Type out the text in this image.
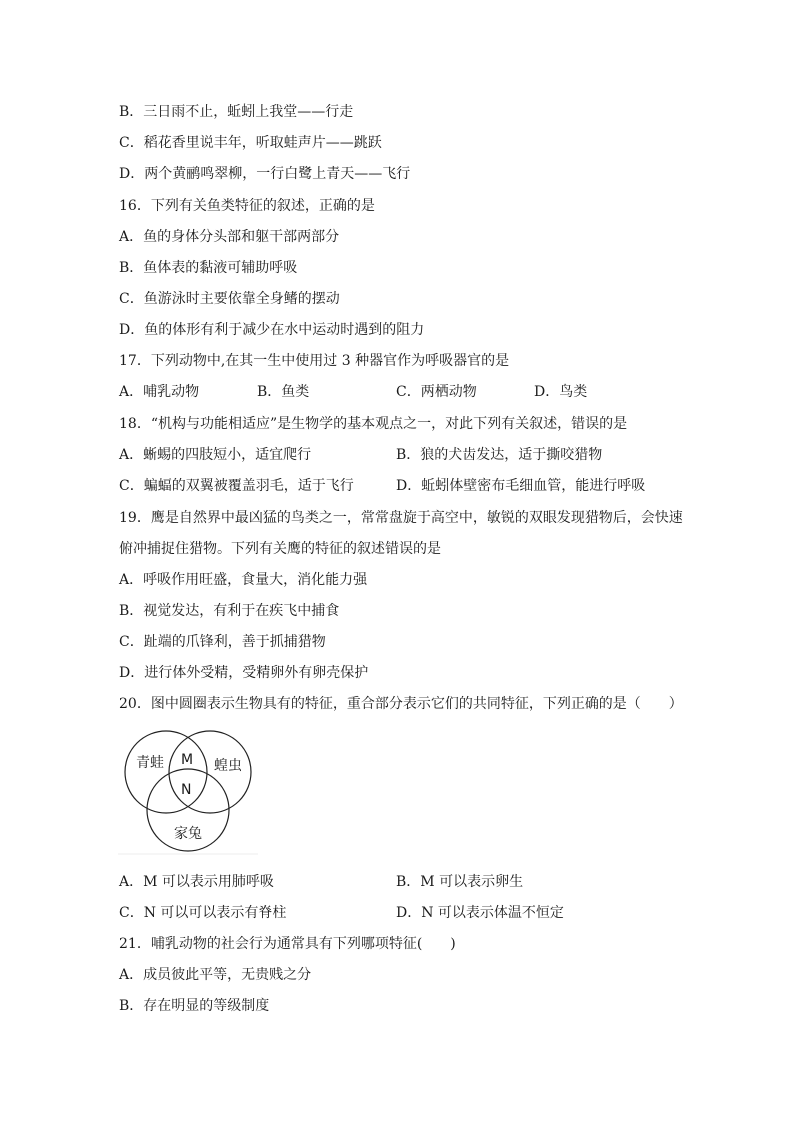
B．三日雨不止，蚯蚓上我堂——行走
C．稻花香里说丰年，听取蛙声片——跳跃
D．两个黄鹂鸣翠柳，一行白鹭上青天——飞行
16．下列有关鱼类特征的叙述，正确的是
A．鱼的身体分头部和躯干部两部分
B．鱼体表的黏液可辅助呼吸
C．鱼游泳时主要依靠全身鳍的摆动
D．鱼的体形有利于减少在水中运动时遇到的阻力
17．下列动物中,在其一生中使用过 3 种器官作为呼吸器官的是
A．哺乳动物	B．鱼类	C．两栖动物	D．鸟类
18．“机构与功能相适应”是生物学的基本观点之一，对此下列有关叙述，错误的是
A．蜥蜴的四肢短小，适宜爬行	B．狼的犬齿发达，适于撕咬猎物
C．蝙蝠的双翼被覆盖羽毛，适于飞行	D．蚯蚓体壁密布毛细血管，能进行呼吸
19．鹰是自然界中最凶猛的鸟类之一，常常盘旋于高空中，敏锐的双眼发现猎物后，会快速
俯冲捕捉住猎物。下列有关鹰的特征的叙述错误的是
A．呼吸作用旺盛，食量大，消化能力强
B．视觉发达，有利于在疾飞中捕食
C．趾端的爪锋利，善于抓捕猎物
D．进行体外受精，受精卵外有卵壳保护
20．图中圆圈表示生物具有的特征，重合部分表示它们的共同特征，下列正确的是（　　）
青蛙	蝗虫
家兔
M
N
A．M 可以表示用肺呼吸	B．M 可以表示卵生
C．N 可以可以表示有脊柱	D．N 可以表示体温不恒定
21．哺乳动物的社会行为通常具有下列哪项特征(　　)
A．成员彼此平等，无贵贱之分
B．存在明显的等级制度
